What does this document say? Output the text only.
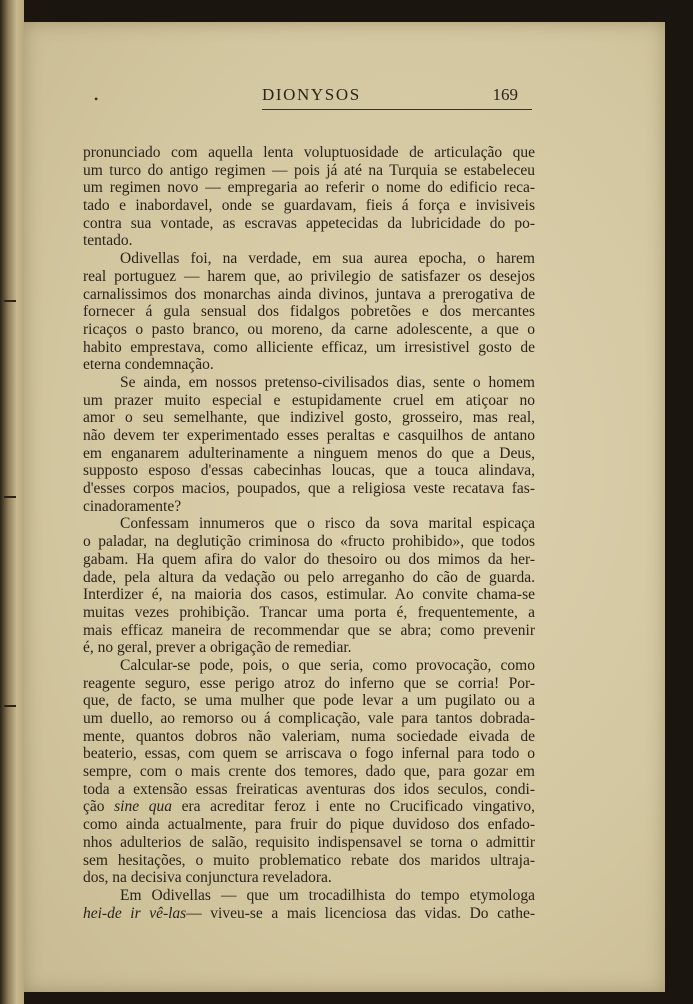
•	DIONYSOS	169
pronunciado com aquella lenta voluptuosidade de articulação que
um turco do antigo regimen — pois já até na Turquia se estabeleceu
um regimen novo — empregaria ao referir o nome do edificio reca-
tado e inabordavel, onde se guardavam, fieis á força e invisiveis
contra sua vontade, as escravas appetecidas da lubricidade do po-
tentado.
Odivellas foi, na verdade, em sua aurea epocha, o harem
real portuguez — harem que, ao privilegio de satisfazer os desejos
carnalissimos dos monarchas ainda divinos, juntava a prerogativa de
fornecer á gula sensual dos fidalgos pobretões e dos mercantes
ricaços o pasto branco, ou moreno, da carne adolescente, a que o
habito emprestava, como alliciente efficaz, um irresistivel gosto de
eterna condemnação.
Se ainda, em nossos pretenso-civilisados dias, sente o homem
um prazer muito especial e estupidamente cruel em atiçoar no
amor o seu semelhante, que indizivel gosto, grosseiro, mas real,
não devem ter experimentado esses peraltas e casquilhos de antano
em enganarem adulterinamente a ninguem menos do que a Deus,
supposto esposo d'essas cabecinhas loucas, que a touca alindava,
d'esses corpos macios, poupados, que a religiosa veste recatava fas-
cinadoramente?
Confessam innumeros que o risco da sova marital espicaça
o paladar, na deglutição criminosa do «fructo prohibido», que todos
gabam. Ha quem afira do valor do thesoiro ou dos mimos da her-
dade, pela altura da vedação ou pelo arreganho do cão de guarda.
Interdizer é, na maioria dos casos, estimular. Ao convite chama-se
muitas vezes prohibição. Trancar uma porta é, frequentemente, a
mais efficaz maneira de recommendar que se abra; como prevenir
é, no geral, prever a obrigação de remediar.
Calcular-se pode, pois, o que seria, como provocação, como
reagente seguro, esse perigo atroz do inferno que se corria! Por-
que, de facto, se uma mulher que pode levar a um pugilato ou a
um duello, ao remorso ou á complicação, vale para tantos dobrada-
mente, quantos dobros não valeriam, numa sociedade eivada de
beaterio, essas, com quem se arriscava o fogo infernal para todo o
sempre, com o mais crente dos temores, dado que, para gozar em
toda a extensão essas freiraticas aventuras dos idos seculos, condi-
ção sine qua era acreditar feroz i ente no Crucificado vingativo,
como ainda actualmente, para fruir do pique duvidoso dos enfado-
nhos adulterios de salão, requisito indispensavel se torna o admittir
sem hesitações, o muito problematico rebate dos maridos ultraja-
dos, na decisiva conjunctura reveladora.
Em Odivellas — que um trocadilhista do tempo etymologa
hei-de ir vê-las— viveu-se a mais licenciosa das vidas. Do cathe-
